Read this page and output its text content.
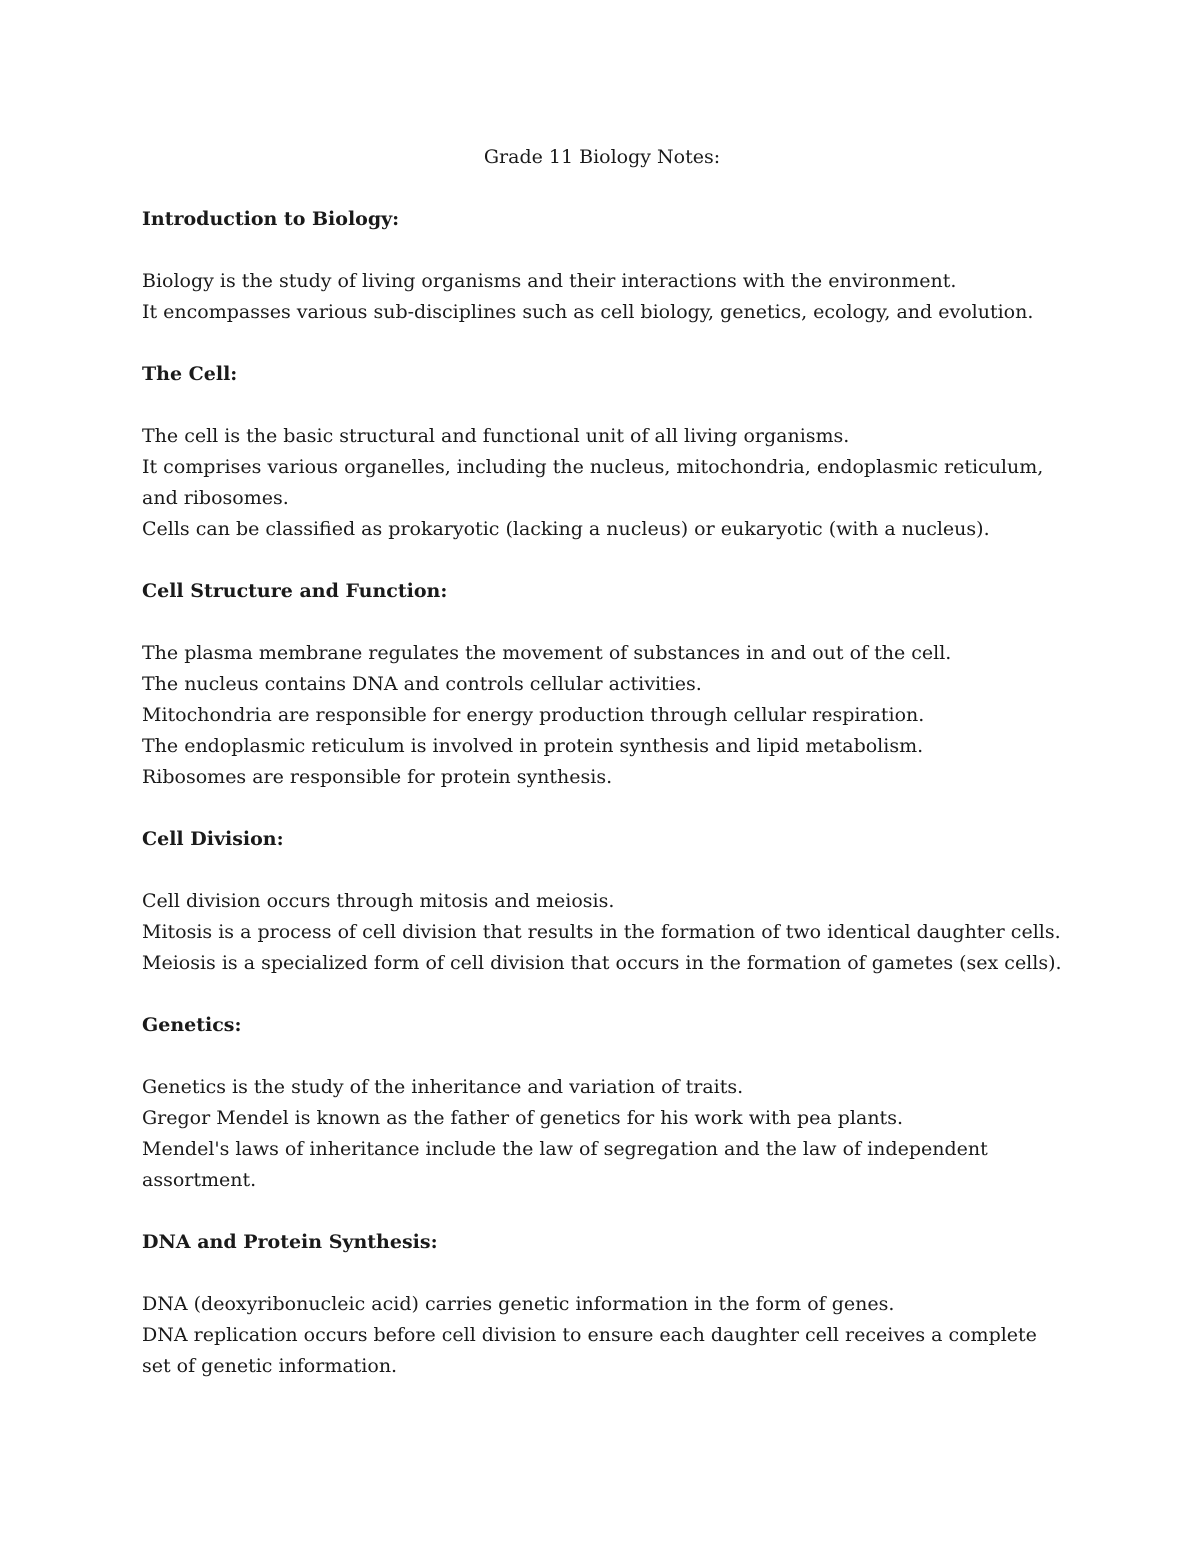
Grade 11 Biology Notes:
Introduction to Biology:
Biology is the study of living organisms and their interactions with the environment.
It encompasses various sub-disciplines such as cell biology, genetics, ecology, and evolution.
The Cell:
The cell is the basic structural and functional unit of all living organisms.
It comprises various organelles, including the nucleus, mitochondria, endoplasmic reticulum, and ribosomes.
Cells can be classified as prokaryotic (lacking a nucleus) or eukaryotic (with a nucleus).
Cell Structure and Function:
The plasma membrane regulates the movement of substances in and out of the cell.
The nucleus contains DNA and controls cellular activities.
Mitochondria are responsible for energy production through cellular respiration.
The endoplasmic reticulum is involved in protein synthesis and lipid metabolism.
Ribosomes are responsible for protein synthesis.
Cell Division:
Cell division occurs through mitosis and meiosis.
Mitosis is a process of cell division that results in the formation of two identical daughter cells.
Meiosis is a specialized form of cell division that occurs in the formation of gametes (sex cells).
Genetics:
Genetics is the study of the inheritance and variation of traits.
Gregor Mendel is known as the father of genetics for his work with pea plants.
Mendel's laws of inheritance include the law of segregation and the law of independent assortment.
DNA and Protein Synthesis:
DNA (deoxyribonucleic acid) carries genetic information in the form of genes.
DNA replication occurs before cell division to ensure each daughter cell receives a complete set of genetic information.
